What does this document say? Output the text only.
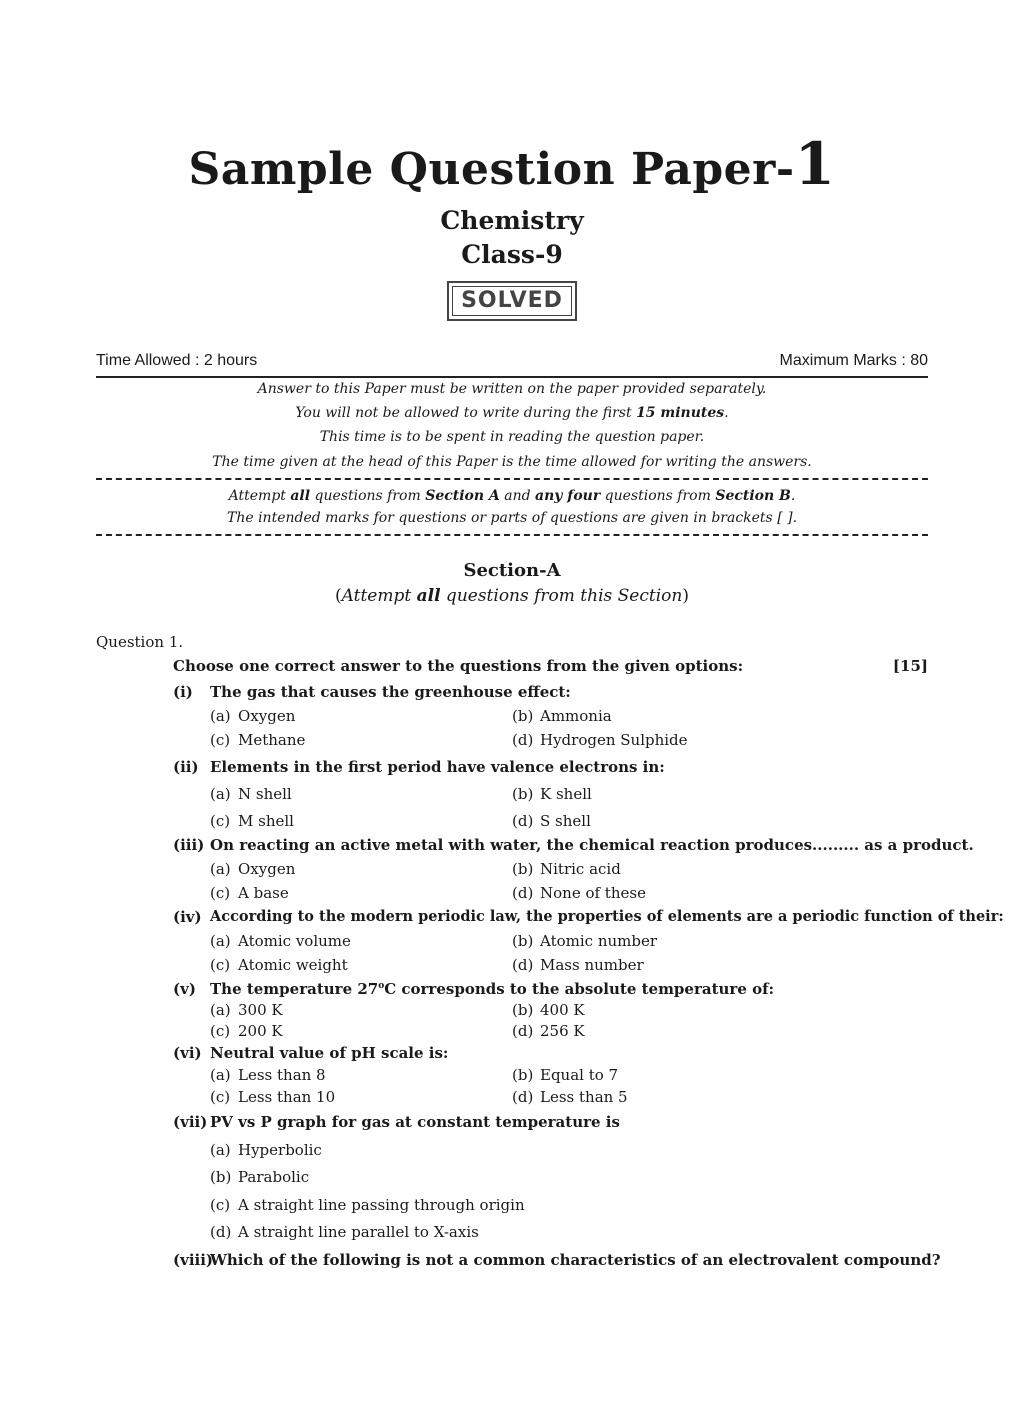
Sample Question Paper-1
Chemistry
Class-9
SOLVED
Time Allowed : 2 hours	Maximum Marks : 80
Answer to this Paper must be written on the paper provided separately.
You will not be allowed to write during the first 15 minutes.
This time is to be spent in reading the question paper.
The time given at the head of this Paper is the time allowed for writing the answers.
Attempt all questions from Section A and any four questions from Section B.
The intended marks for questions or parts of questions are given in brackets [ ].
Section-A
(Attempt all questions from this Section)
Question 1.
Choose one correct answer to the questions from the given options:	[15]
(i) The gas that causes the greenhouse effect:
(a) Oxygen	(b) Ammonia
(c) Methane	(d) Hydrogen Sulphide
(ii) Elements in the first period have valence electrons in:
(a) N shell	(b) K shell
(c) M shell	(d) S shell
(iii) On reacting an active metal with water, the chemical reaction produces......... as a product.
(a) Oxygen	(b) Nitric acid
(c) A base	(d) None of these
(iv) According to the modern periodic law, the properties of elements are a periodic function of their:
(a) Atomic volume	(b) Atomic number
(c) Atomic weight	(d) Mass number
(v) The temperature 27$^o$C corresponds to the absolute temperature of:
(a) 300 K	(b) 400 K
(c) 200 K	(d) 256 K
(vi) Neutral value of pH scale is:
(a) Less than 8	(b) Equal to 7
(c) Less than 10	(d) Less than 5
(vii) PV vs P graph for gas at constant temperature is
(a) Hyperbolic
(b) Parabolic
(c) A straight line passing through origin
(d) A straight line parallel to X-axis
(viii)
Which of the following is not a common characteristics of an electrovalent compound?
